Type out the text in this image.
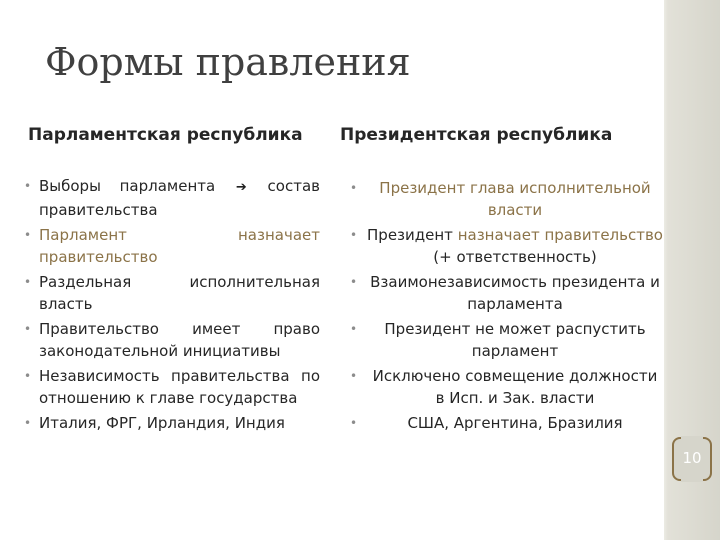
Формы правления
Парламентская республика Президентская республика
• Выборы парламента ➔ состав правительства
• Парламент назначает правительство
• Раздельная исполнительная власть
• Правительство имеет право законодательной инициативы
• Независимость правительства по отношению к главе государства
• Италия, ФРГ, Ирландия, Индия
•	Президент глава исполнительной власти
• Президент назначает правительство (+ ответственность)
• Взаимонезависимость президента и парламента
•	Президент не может распустить парламент
•	Исключено совмещение должности в Исп. и Зак. власти
•	США, Аргентина, Бразилия
10
